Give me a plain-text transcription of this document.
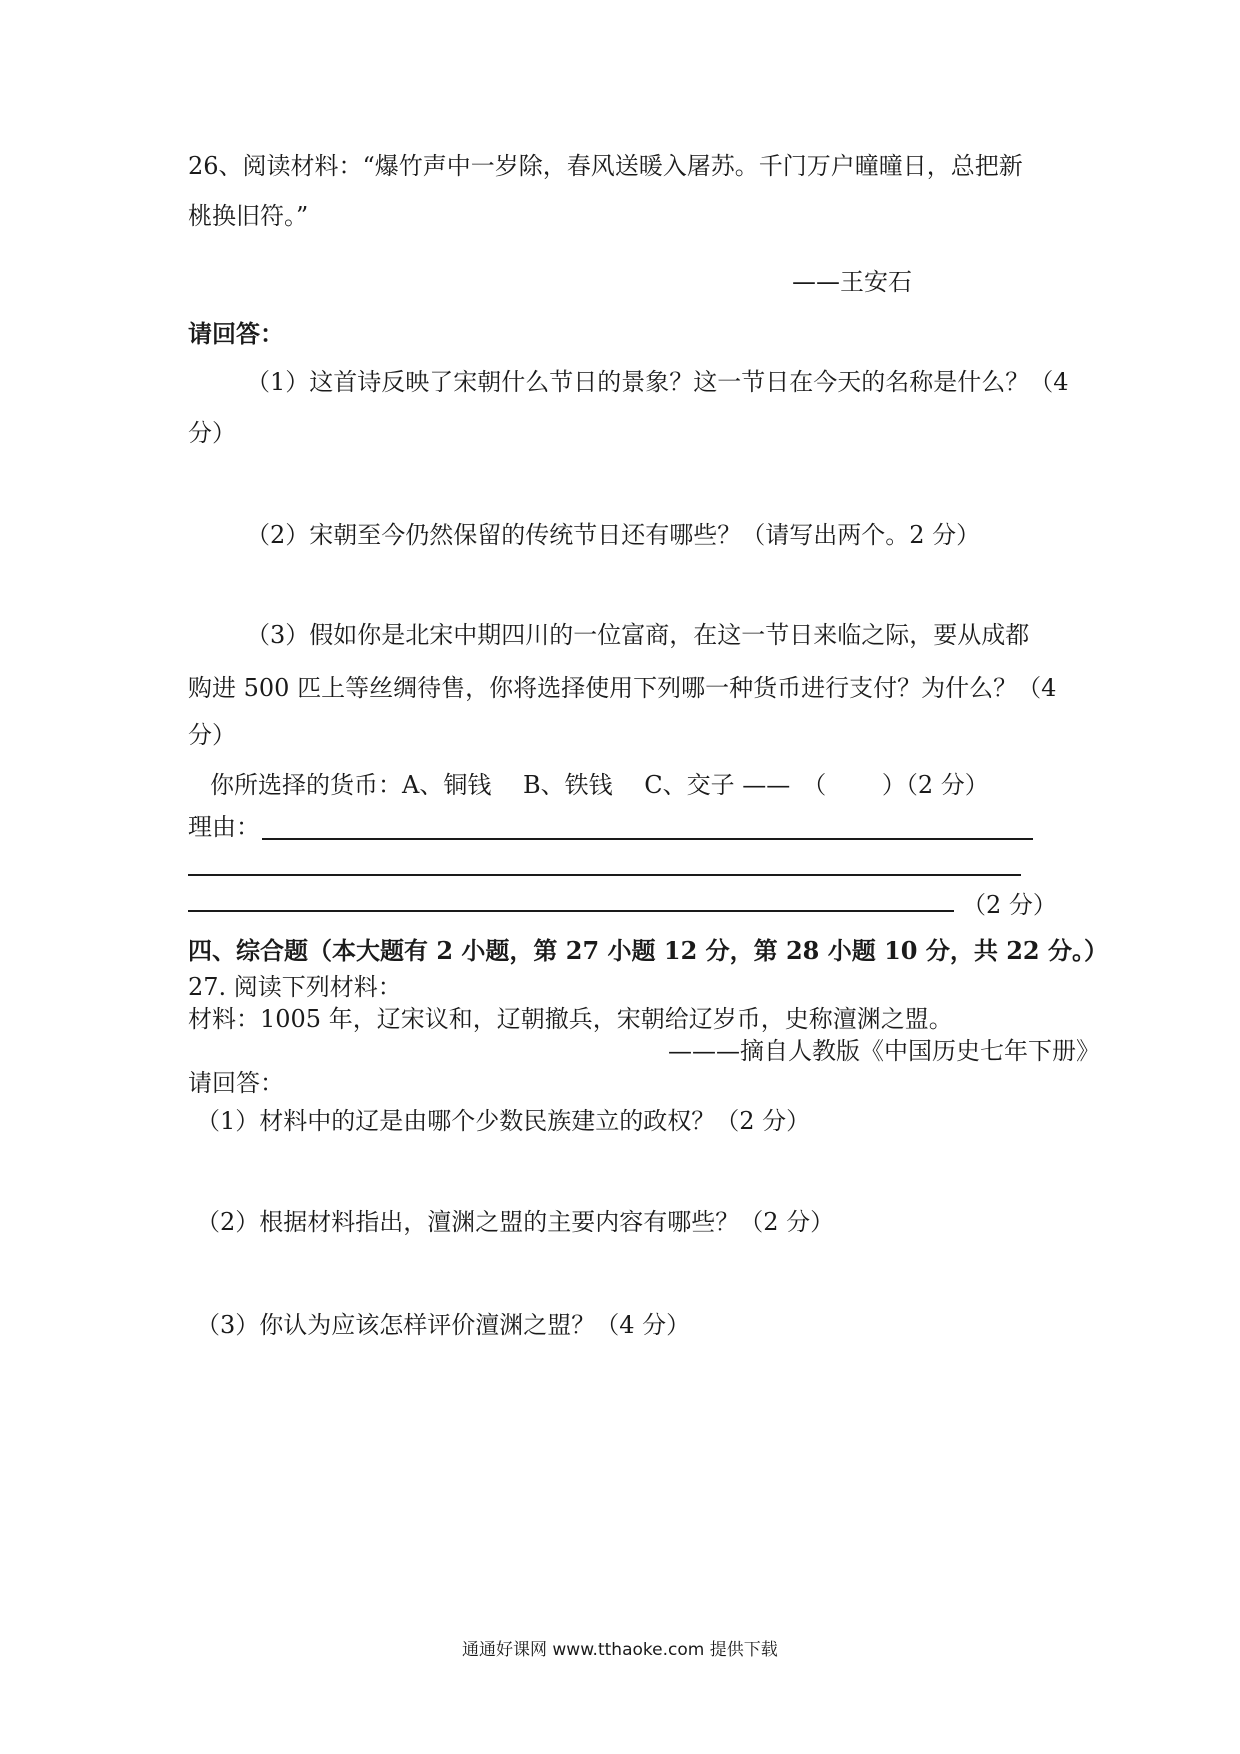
26、阅读材料：“爆竹声中一岁除，春风送暖入屠苏。千门万户曈曈日，总把新
桃换旧符。”
——王安石
请回答：
（1）这首诗反映了宋朝什么节日的景象？这一节日在今天的名称是什么？（4
分）
（2）宋朝至今仍然保留的传统节日还有哪些？（请写出两个。2 分）
（3）假如你是北宋中期四川的一位富商，在这一节日来临之际，要从成都
购进 500 匹上等丝绸待售，你将选择使用下列哪一种货币进行支付？为什么？（4
分）
你所选择的货币：A、铜钱　 B、铁钱　 C、交子 ——　（　　 ）（2 分）
理由：
（2 分）
四、综合题（本大题有 2 小题，第 27 小题 12 分，第 28 小题 10 分，共 22 分。）
27. 阅读下列材料：
材料：1005 年，辽宋议和，辽朝撤兵，宋朝给辽岁币，史称澶渊之盟。
———摘自人教版《中国历史七年下册》
请回答：
（1）材料中的辽是由哪个少数民族建立的政权？（2 分）
（2）根据材料指出，澶渊之盟的主要内容有哪些？（2 分）
（3）你认为应该怎样评价澶渊之盟？（4 分）
通通好课网 www.tthaoke.com 提供下载
